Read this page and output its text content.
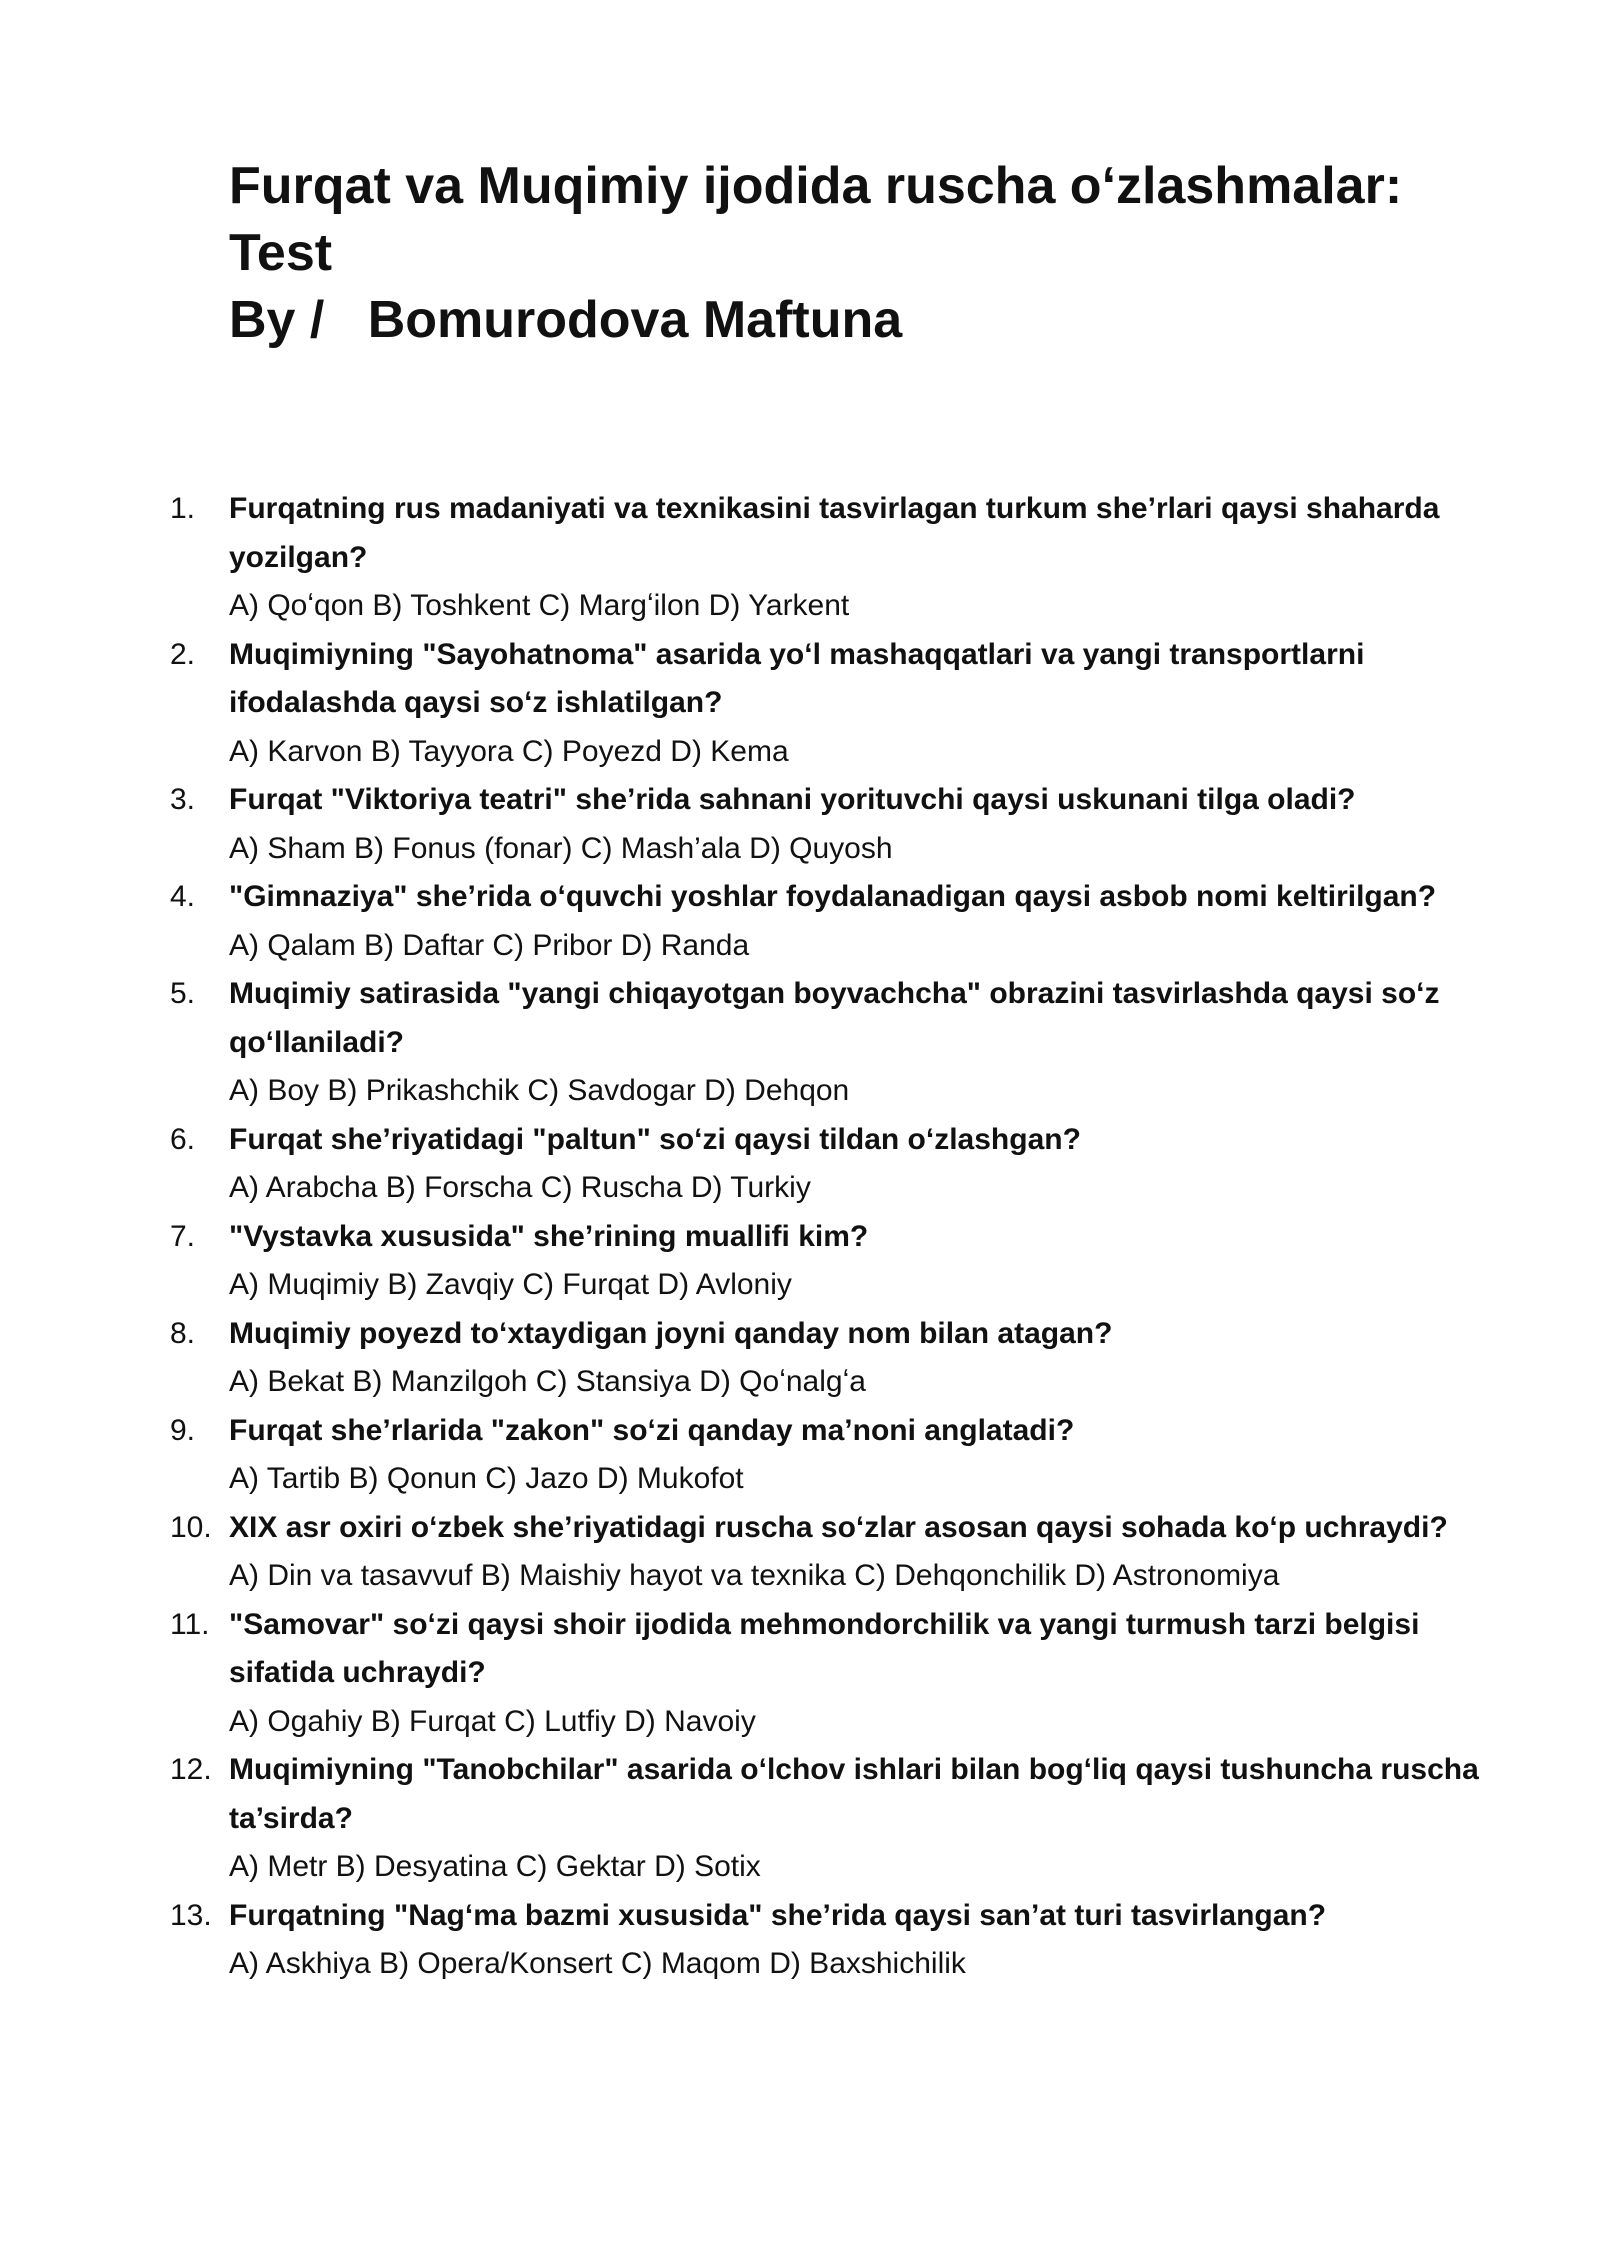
Furqat va Muqimiy ijodida ruscha oʻzlashmalar:
Test
By /   Bomurodova Maftuna
1.	Furqatning rus madaniyati va texnikasini tasvirlagan turkum she’rlari qaysi shaharda yozilgan?
A) Qoʻqon B) Toshkent C) Margʻilon D) Yarkent
2.	Muqimiyning "Sayohatnoma" asarida yoʻl mashaqqatlari va yangi transportlarni ifodalashda qaysi soʻz ishlatilgan?
A) Karvon B) Tayyora C) Poyezd D) Kema
3.	Furqat "Viktoriya teatri" she’rida sahnani yorituvchi qaysi uskunani tilga oladi?
A) Sham B) Fonus (fonar) C) Mash’ala D) Quyosh
4.	"Gimnaziya" she’rida oʻquvchi yoshlar foydalanadigan qaysi asbob nomi keltirilgan?
A) Qalam B) Daftar C) Pribor D) Randa
5.	Muqimiy satirasida "yangi chiqayotgan boyvachcha" obrazini tasvirlashda qaysi soʻz qoʻllaniladi?
A) Boy B) Prikashchik C) Savdogar D) Dehqon
6.	Furqat she’riyatidagi "paltun" soʻzi qaysi tildan oʻzlashgan?
A) Arabcha B) Forscha C) Ruscha D) Turkiy
7.	"Vystavka xususida" she’rining muallifi kim?
A) Muqimiy B) Zavqiy C) Furqat D) Avloniy
8.	Muqimiy poyezd toʻxtaydigan joyni qanday nom bilan atagan?
A) Bekat B) Manzilgoh C) Stansiya D) Qoʻnalgʻa
9.	Furqat she’rlarida "zakon" soʻzi qanday ma’noni anglatadi?
A) Tartib B) Qonun C) Jazo D) Mukofot
10. XIX asr oxiri oʻzbek she’riyatidagi ruscha soʻzlar asosan qaysi sohada koʻp uchraydi?
A) Din va tasavvuf B) Maishiy hayot va texnika C) Dehqonchilik D) Astronomiya
11. "Samovar" soʻzi qaysi shoir ijodida mehmondorchilik va yangi turmush tarzi belgisi sifatida uchraydi?
A) Ogahiy B) Furqat C) Lutfiy D) Navoiy
12. Muqimiyning "Tanobchilar" asarida oʻlchov ishlari bilan bogʻliq qaysi tushuncha ruscha ta’sirda?
A) Metr B) Desyatina C) Gektar D) Sotix
13. Furqatning "Nagʻma bazmi xususida" she’rida qaysi san’at turi tasvirlangan?
A) Askhiya B) Opera/Konsert C) Maqom D) Baxshichilik
